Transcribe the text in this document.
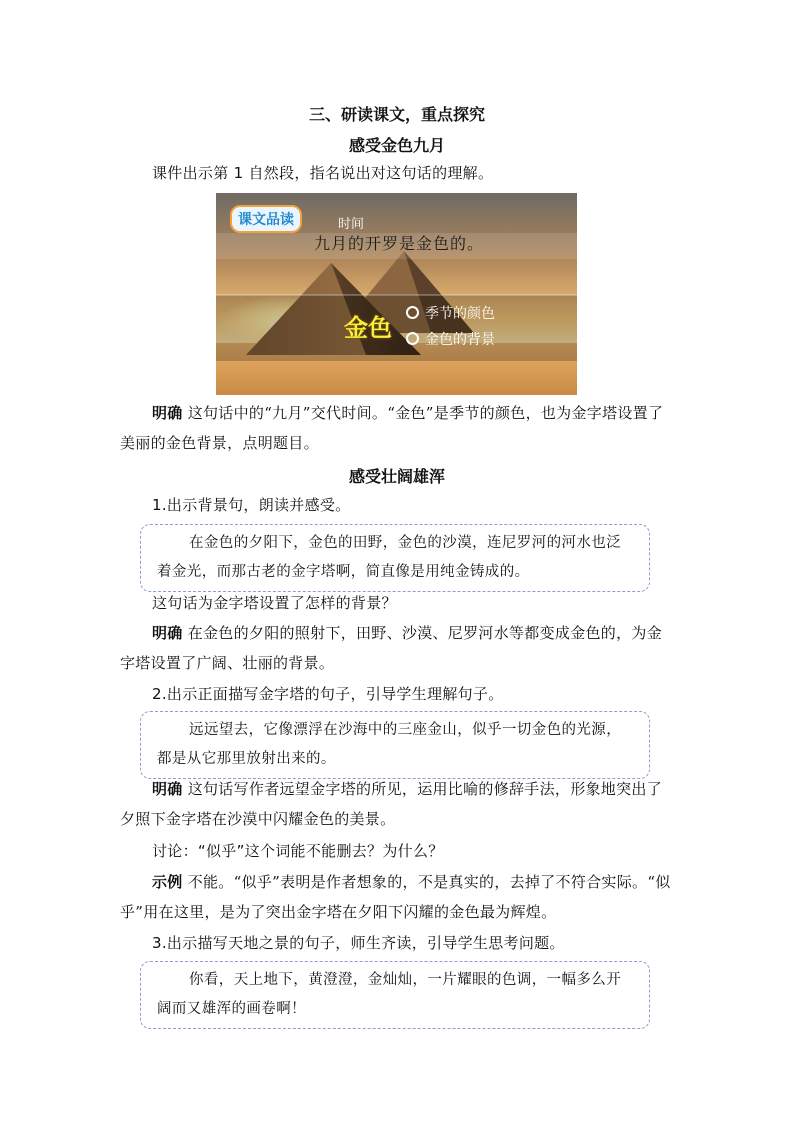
三、研读课文，重点探究
感受金色九月
课件出示第 1 自然段，指名说出对这句话的理解。
课文品读	时间
九月的开罗是金色的。
金色	季节的颜色
金色的背景
明确 这句话中的“九月”交代时间。“金色”是季节的颜色，也为金字塔设置了美丽的金色背景，点明题目。
感受壮阔雄浑
1.出示背景句，朗读并感受。
在金色的夕阳下，金色的田野，金色的沙漠，连尼罗河的河水也泛着金光，而那古老的金字塔啊，简直像是用纯金铸成的。
这句话为金字塔设置了怎样的背景？
明确 在金色的夕阳的照射下，田野、沙漠、尼罗河水等都变成金色的，为金字塔设置了广阔、壮丽的背景。
2.出示正面描写金字塔的句子，引导学生理解句子。
远远望去，它像漂浮在沙海中的三座金山，似乎一切金色的光源，都是从它那里放射出来的。
明确 这句话写作者远望金字塔的所见，运用比喻的修辞手法，形象地突出了夕照下金字塔在沙漠中闪耀金色的美景。
讨论：“似乎”这个词能不能删去？为什么？
示例 不能。“似乎”表明是作者想象的，不是真实的，去掉了不符合实际。“似乎”用在这里，是为了突出金字塔在夕阳下闪耀的金色最为辉煌。
3.出示描写天地之景的句子，师生齐读，引导学生思考问题。
你看，天上地下，黄澄澄，金灿灿，一片耀眼的色调，一幅多么开阔而又雄浑的画卷啊！
